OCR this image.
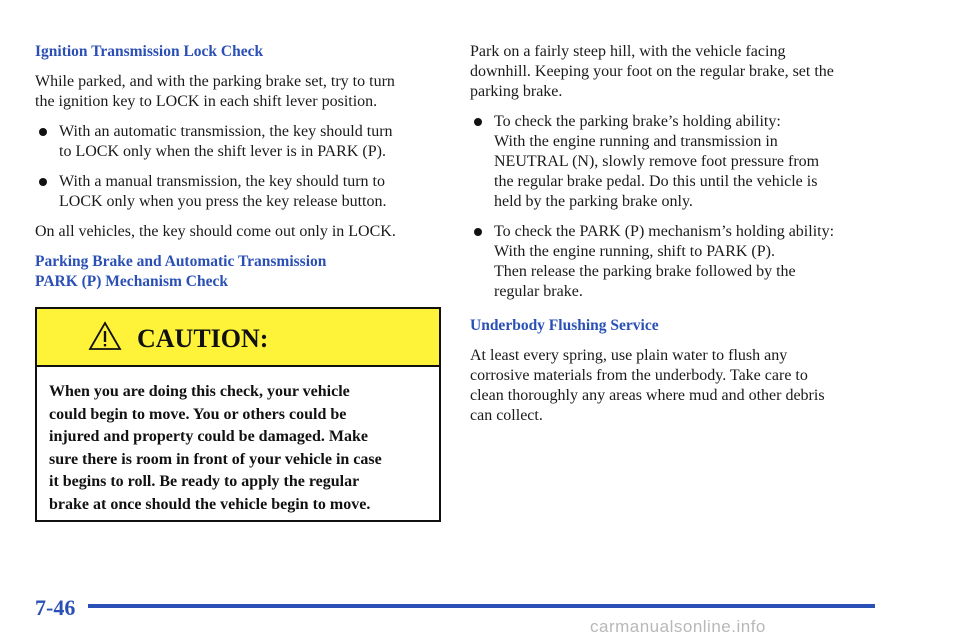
Ignition Transmission Lock Check
While parked, and with the parking brake set, try to turn
the ignition key to LOCK in each shift lever position.
With an automatic transmission, the key should turn
to LOCK only when the shift lever is in PARK (P).
With a manual transmission, the key should turn to
LOCK only when you press the key release button.
On all vehicles, the key should come out only in LOCK.
Parking Brake and Automatic Transmission
PARK (P) Mechanism Check
CAUTION:
When you are doing this check, your vehicle
could begin to move. You or others could be
injured and property could be damaged. Make
sure there is room in front of your vehicle in case
it begins to roll. Be ready to apply the regular
brake at once should the vehicle begin to move.
Park on a fairly steep hill, with the vehicle facing
downhill. Keeping your foot on the regular brake, set the
parking brake.
To check the parking brake’s holding ability:
With the engine running and transmission in
NEUTRAL (N), slowly remove foot pressure from
the regular brake pedal. Do this until the vehicle is
held by the parking brake only.
To check the PARK (P) mechanism’s holding ability:
With the engine running, shift to PARK (P).
Then release the parking brake followed by the
regular brake.
Underbody Flushing Service
At least every spring, use plain water to flush any
corrosive materials from the underbody. Take care to
clean thoroughly any areas where mud and other debris
can collect.
7-46
carmanualsonline.info
